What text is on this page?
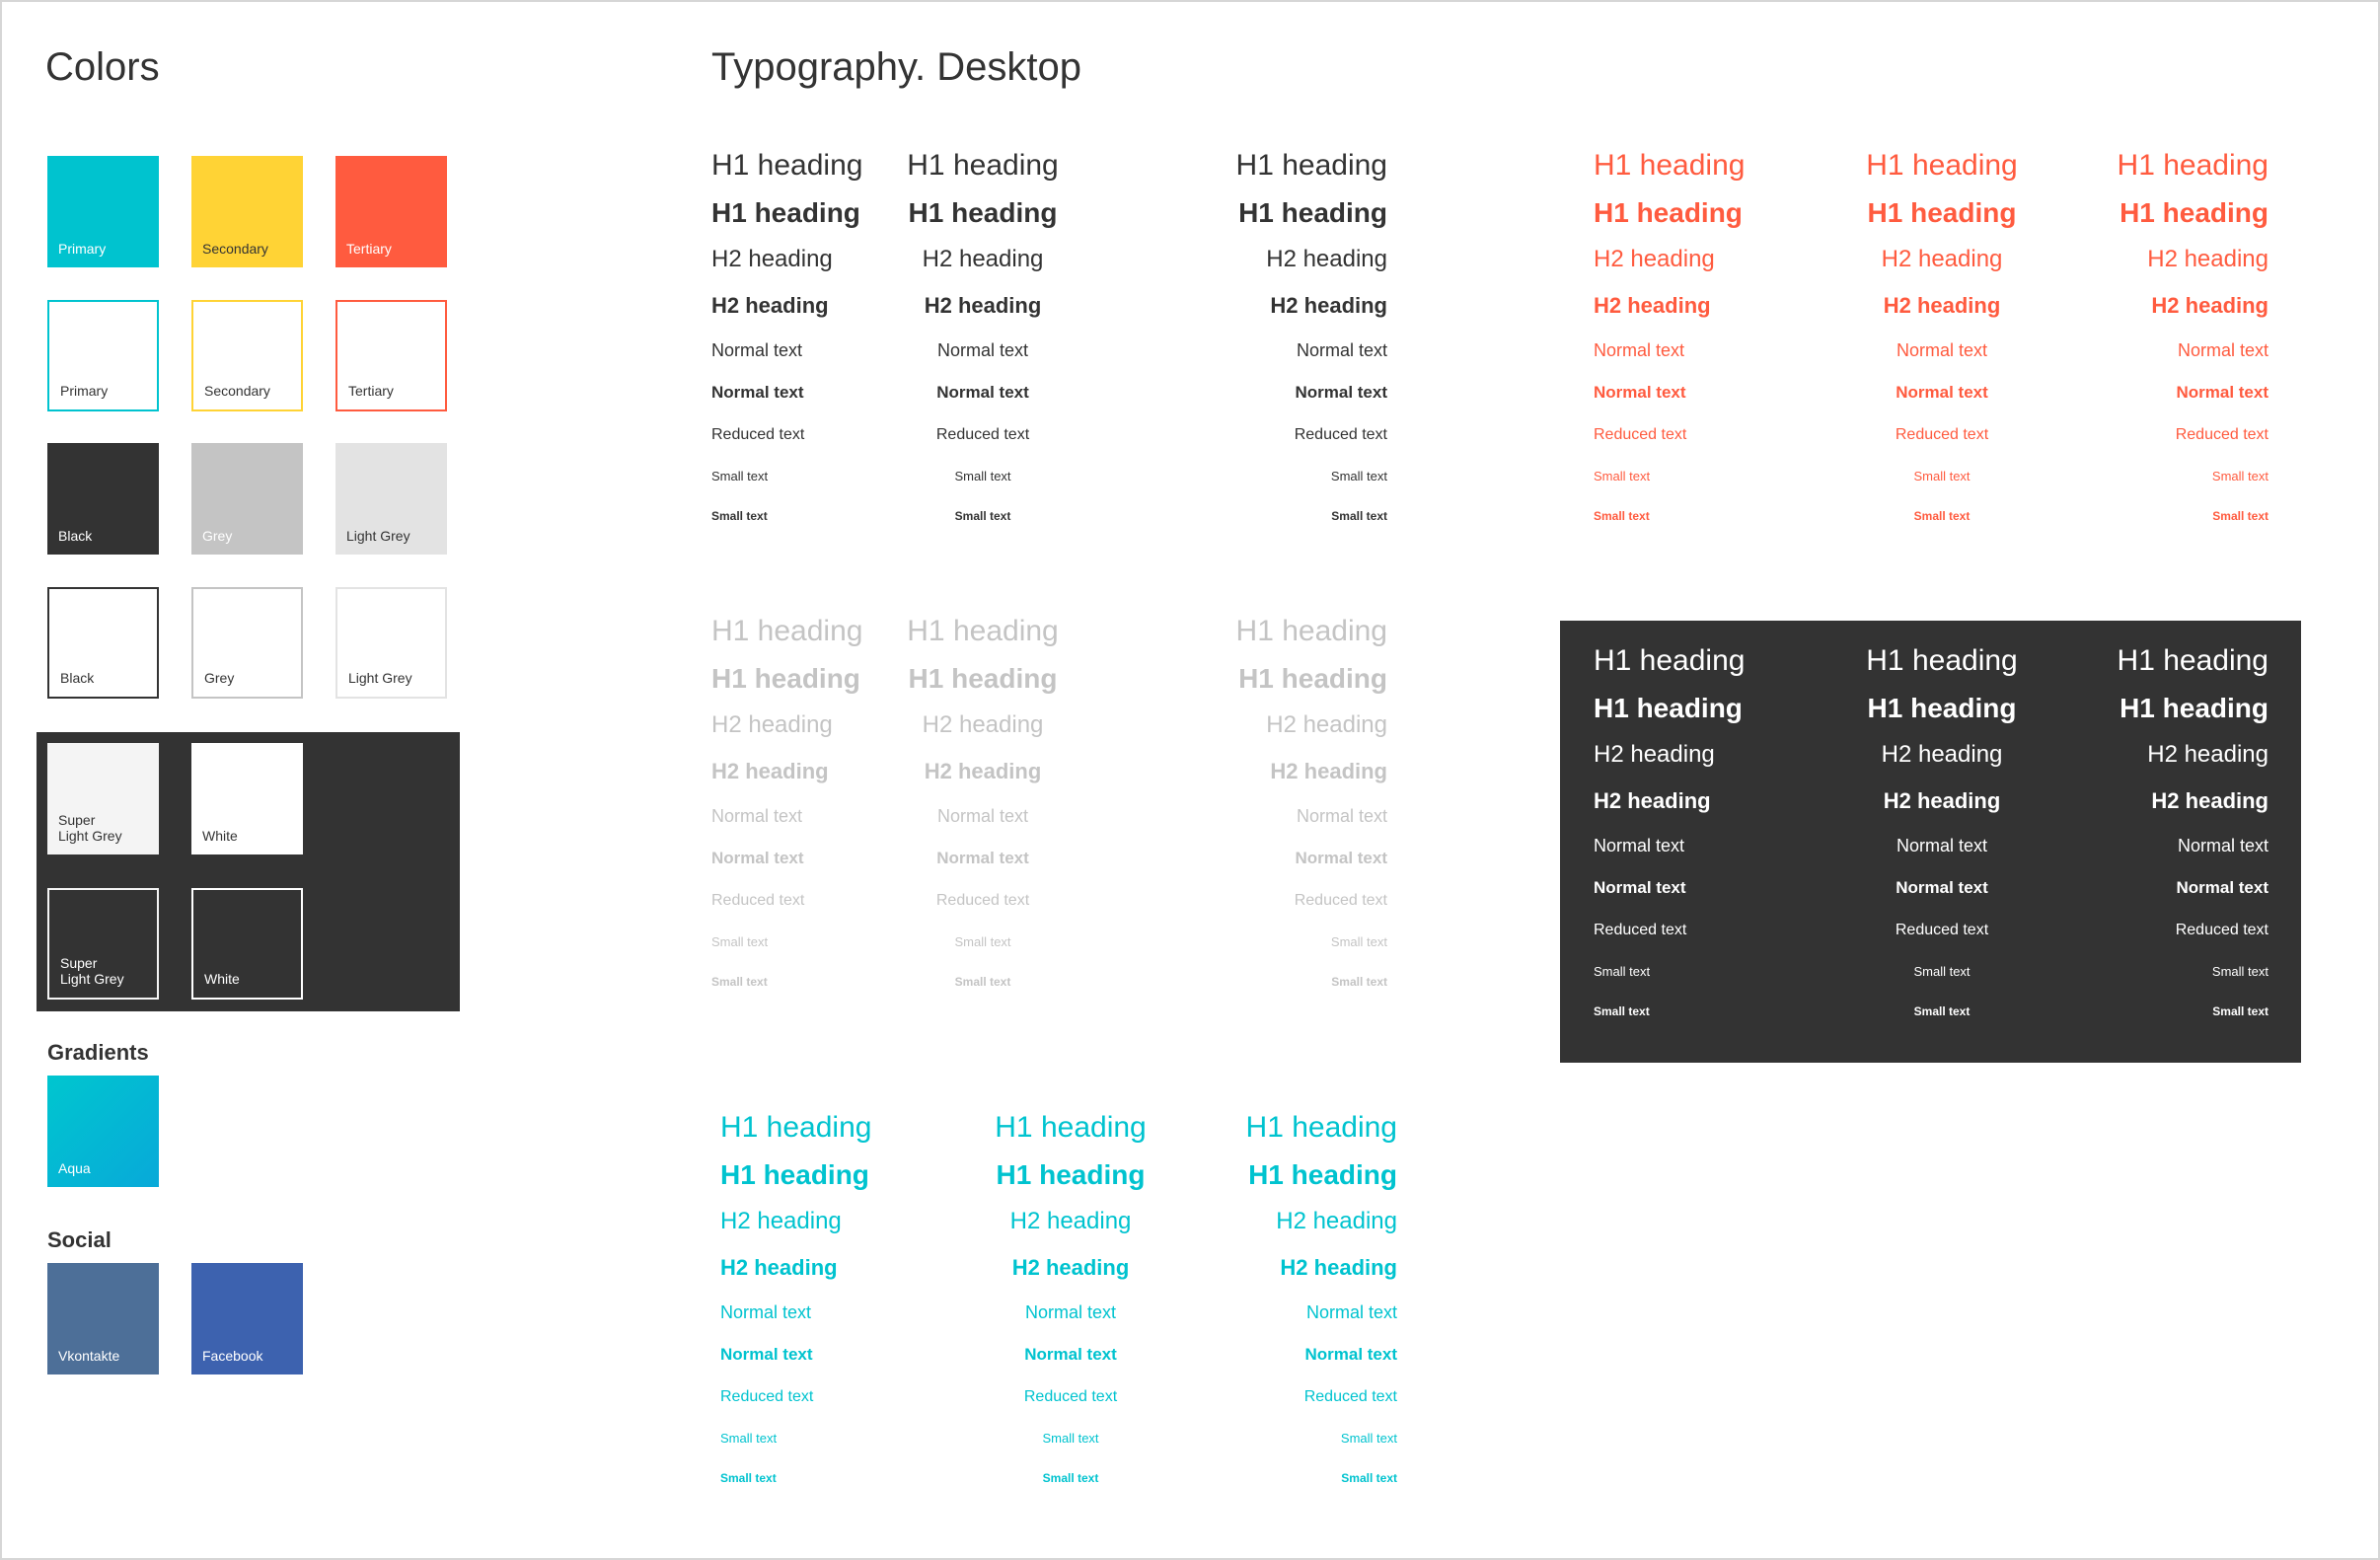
Colors	Typography. Desktop
Primary	Secondary	Tertiary
Primary	Secondary	Tertiary
Black	Grey	Light Grey
Black	Grey	Light Grey
Super
Light Grey	White
Super
Light Grey	White
Gradients
Aqua
Social
Vkontakte	Facebook
H1 heading
H1 heading
H2 heading
H2 heading
Normal text
Normal text
Reduced text
Small text
Small text
H1 heading
H1 heading
H2 heading
H2 heading
Normal text
Normal text
Reduced text
Small text
Small text
H1 heading
H1 heading
H2 heading
H2 heading
Normal text
Normal text
Reduced text
Small text
Small text
H1 heading
H1 heading
H2 heading
H2 heading
Normal text
Normal text
Reduced text
Small text
Small text
H1 heading
H1 heading
H2 heading
H2 heading
Normal text
Normal text
Reduced text
Small text
Small text
H1 heading
H1 heading
H2 heading
H2 heading
Normal text
Normal text
Reduced text
Small text
Small text
H1 heading
H1 heading
H2 heading
H2 heading
Normal text
Normal text
Reduced text
Small text
Small text
H1 heading
H1 heading
H2 heading
H2 heading
Normal text
Normal text
Reduced text
Small text
Small text
H1 heading
H1 heading
H2 heading
H2 heading
Normal text
Normal text
Reduced text
Small text
Small text
H1 heading
H1 heading
H2 heading
H2 heading
Normal text
Normal text
Reduced text
Small text
Small text
H1 heading
H1 heading
H2 heading
H2 heading
Normal text
Normal text
Reduced text
Small text
Small text
H1 heading
H1 heading
H2 heading
H2 heading
Normal text
Normal text
Reduced text
Small text
Small text
H1 heading
H1 heading
H2 heading
H2 heading
Normal text
Normal text
Reduced text
Small text
Small text
H1 heading
H1 heading
H2 heading
H2 heading
Normal text
Normal text
Reduced text
Small text
Small text
H1 heading
H1 heading
H2 heading
H2 heading
Normal text
Normal text
Reduced text
Small text
Small text
